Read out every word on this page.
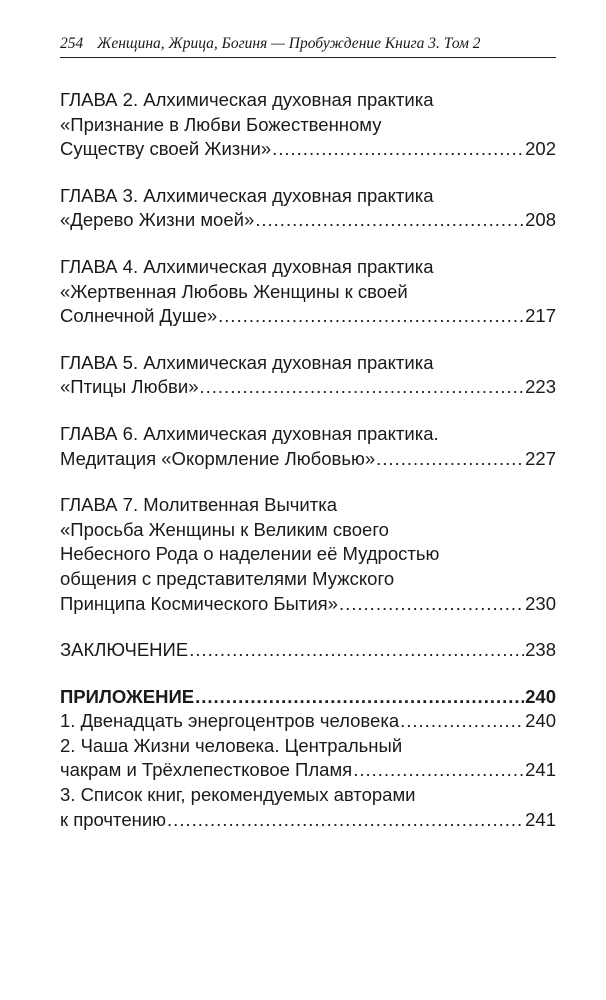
254 Женщина, Жрица, Богиня — Пробуждение Книга 3. Том 2
ГЛАВА 2. Алхимическая духовная практика
«Признание в Любви Божественному
Существу своей Жизни» .....	202
ГЛАВА 3. Алхимическая духовная практика
«Дерево Жизни моей» .....	208
ГЛАВА 4. Алхимическая духовная практика
«Жертвенная Любовь Женщины к своей
Солнечной Душе» .....	217
ГЛАВА 5. Алхимическая духовная практика
«Птицы Любви» .....	223
ГЛАВА 6. Алхимическая духовная практика.
Медитация «Окормление Любовью» .....	227
ГЛАВА 7. Молитвенная Вычитка
«Просьба Женщины к Великим своего
Небесного Рода о наделении её Мудростью
общения с представителями Мужского
Принципа Космического Бытия» .....	230
ЗАКЛЮЧЕНИЕ .....	238
ПРИЛОЖЕНИЕ .....	240
1. Двенадцать энергоцентров человека .....	240
2. Чаша Жизни человека. Центральный
чакрам и Трёхлепестковое Пламя .....	241
3. Список книг, рекомендуемых авторами
к прочтению .....	241
